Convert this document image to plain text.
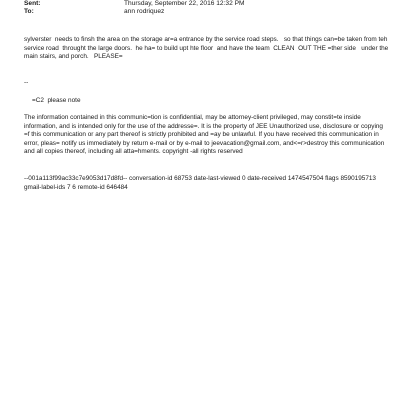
Sent:	Thursday, September 22, 2016 12:32 PM
To:	ann rodriquez
sylverster  needs to finsh the area on the storage ar=a entrance by the service road steps.   so that things can=be taken from teh service road  throught the large doors.  he ha= to build upt hte floor  and have the team  CLEAN  OUT THE =ther side   under the main stairs, and porch.   PLEASE=
--
=C2  please note
The information contained in this communic=tion is confidential, may be attorney-client privileged, may constit=te inside information, and is intended only for the use of the addresse=. It is the property of JEE Unauthorized use, disclosure or copying =f this communication or any part thereof is strictly prohibited and =ay be unlawful. If you have received this communication in error, pleas= notify us immediately by return e-mail or by e-mail to jeevacation@gmail.com, and<=r>destroy this communication and all copies thereof, including all atta=hments. copyright -all rights reserved
--001a113f99ac33c7e9053d17d8fd-- conversation-id 68753 date-last-viewed 0 date-received 1474547504 flags 8590195713 gmail-label-ids 7 6 remote-id 646484
